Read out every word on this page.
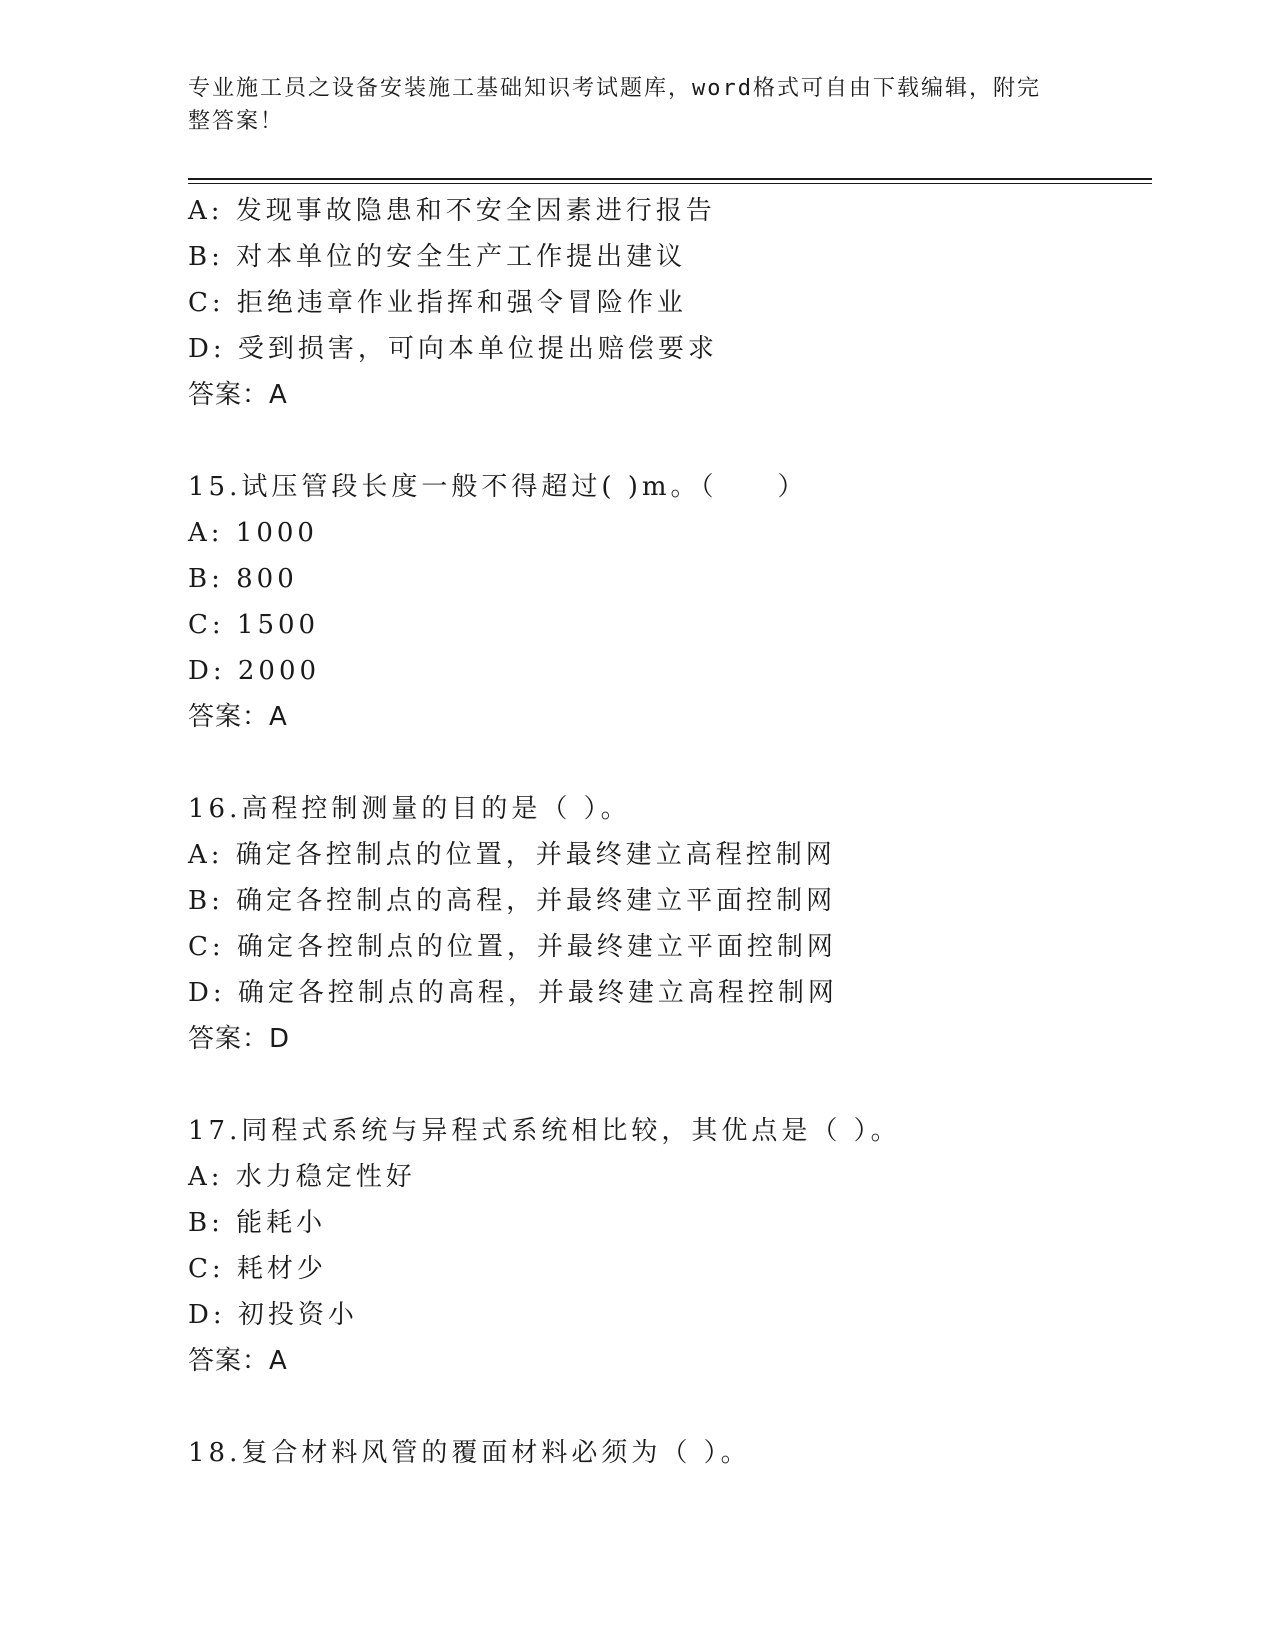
专业施工员之设备安装施工基础知识考试题库，word格式可自由下载编辑，附完
整答案！
A: 发现事故隐患和不安全因素进行报告
B: 对本单位的安全生产工作提出建议
C: 拒绝违章作业指挥和强令冒险作业
D: 受到损害，可向本单位提出赔偿要求
答案：A
15.试压管段长度一般不得超过( )m。（　　）
A: 1000
B: 800
C: 1500
D: 2000
答案：A
16.高程控制测量的目的是（ ）。
A: 确定各控制点的位置，并最终建立高程控制网
B: 确定各控制点的高程，并最终建立平面控制网
C: 确定各控制点的位置，并最终建立平面控制网
D: 确定各控制点的高程，并最终建立高程控制网
答案：D
17.同程式系统与异程式系统相比较，其优点是（ ）。
A: 水力稳定性好
B: 能耗小
C: 耗材少
D: 初投资小
答案：A
18.复合材料风管的覆面材料必须为（ ）。
